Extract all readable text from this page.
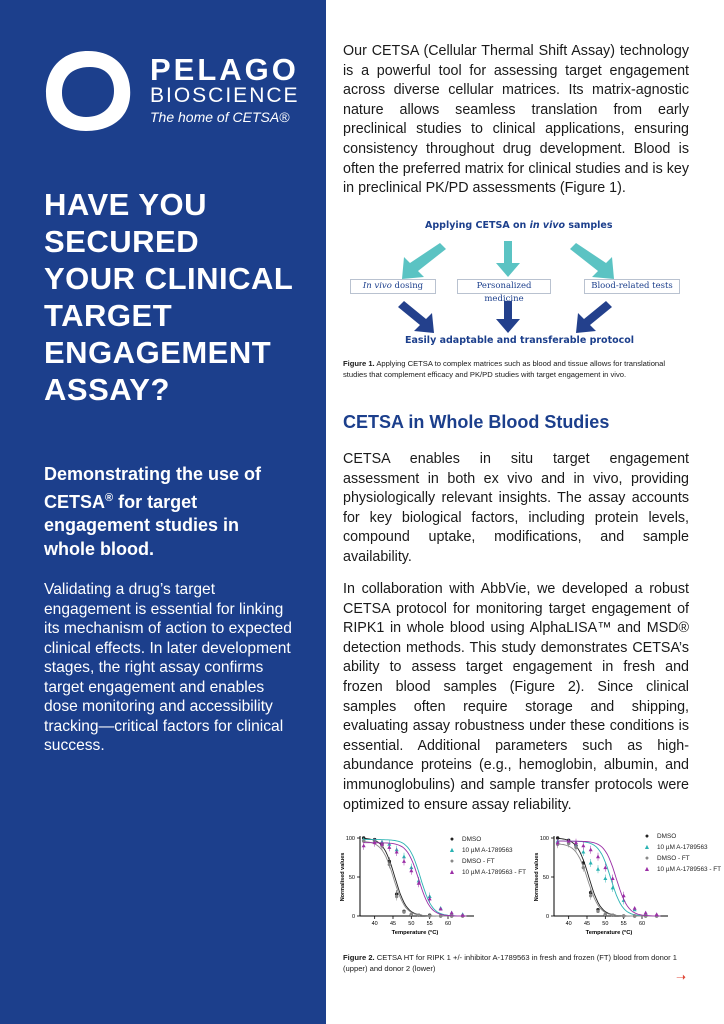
PELAGO
BIOSCIENCE
The home of CETSA®
HAVE YOU
SECURED
YOUR CLINICAL
TARGET
ENGAGEMENT
ASSAY?
Demonstrating the use of CETSA® for target engagement studies in whole blood.
Validating a drug’s target engagement is essential for linking its mechanism of action to expected clinical effects. In later development stages, the right assay confirms target engagement and enables dose monitoring and accessibility tracking—critical factors for clinical success.
Our CETSA (Cellular Thermal Shift Assay) technology is a powerful tool for assessing target engagement across diverse cellular matrices. Its matrix-agnostic nature allows seamless translation from early preclinical studies to clinical applications, ensuring consistency throughout drug development. Blood is often the preferred matrix for clinical studies and is key in preclinical PK/PD assessments (Figure 1).
Applying CETSA on in vivo samples
In vivo dosing	Personalized medicine
Blood-related tests
Easily adaptable and transferable protocol
Figure 1. Applying CETSA to complex matrices such as blood and tissue allows for translational studies that complement efficacy and PK/PD studies with target engagement in vivo.
CETSA in Whole Blood Studies
CETSA enables in situ target engagement assessment in both ex vivo and in vivo, providing physiologically relevant insights. The assay accounts for key biological factors, including protein levels, compound uptake, modifications, and sample availability.
In collaboration with AbbVie, we developed a robust CETSA protocol for monitoring target engagement of RIPK1 in whole blood using AlphaLISA™ and MSD® detection methods. This study demonstrates CETSA’s ability to assess target engagement in fresh and frozen blood samples (Figure 2). Since clinical samples often require storage and shipping, evaluating assay robustness under these conditions is essential. Additional parameters such as high-abundance proteins (e.g., hemoglobin, albumin, and immunoglobulins) and sample transfer protocols were optimized to ensure assay reliability.
0
50
100
40 45 50 55 60
Temperature (°C)
Normalised values
0
50
100
40 45 50 55 60
Temperature (°C)
Normalised values
●	DMSO
▲ 10 µM A-1789563
●	DMSO - FT
▲ 10 µM A-1789563 - FT
●	DMSO
▲ 10 µM A-1789563
●	DMSO - FT
▲ 10 µM A-1789563 - FT
Figure 2. CETSA HT for RIPK 1 +/- inhibitor A-1789563 in fresh and frozen (FT) blood from donor 1 (upper) and donor 2 (lower)
➝
